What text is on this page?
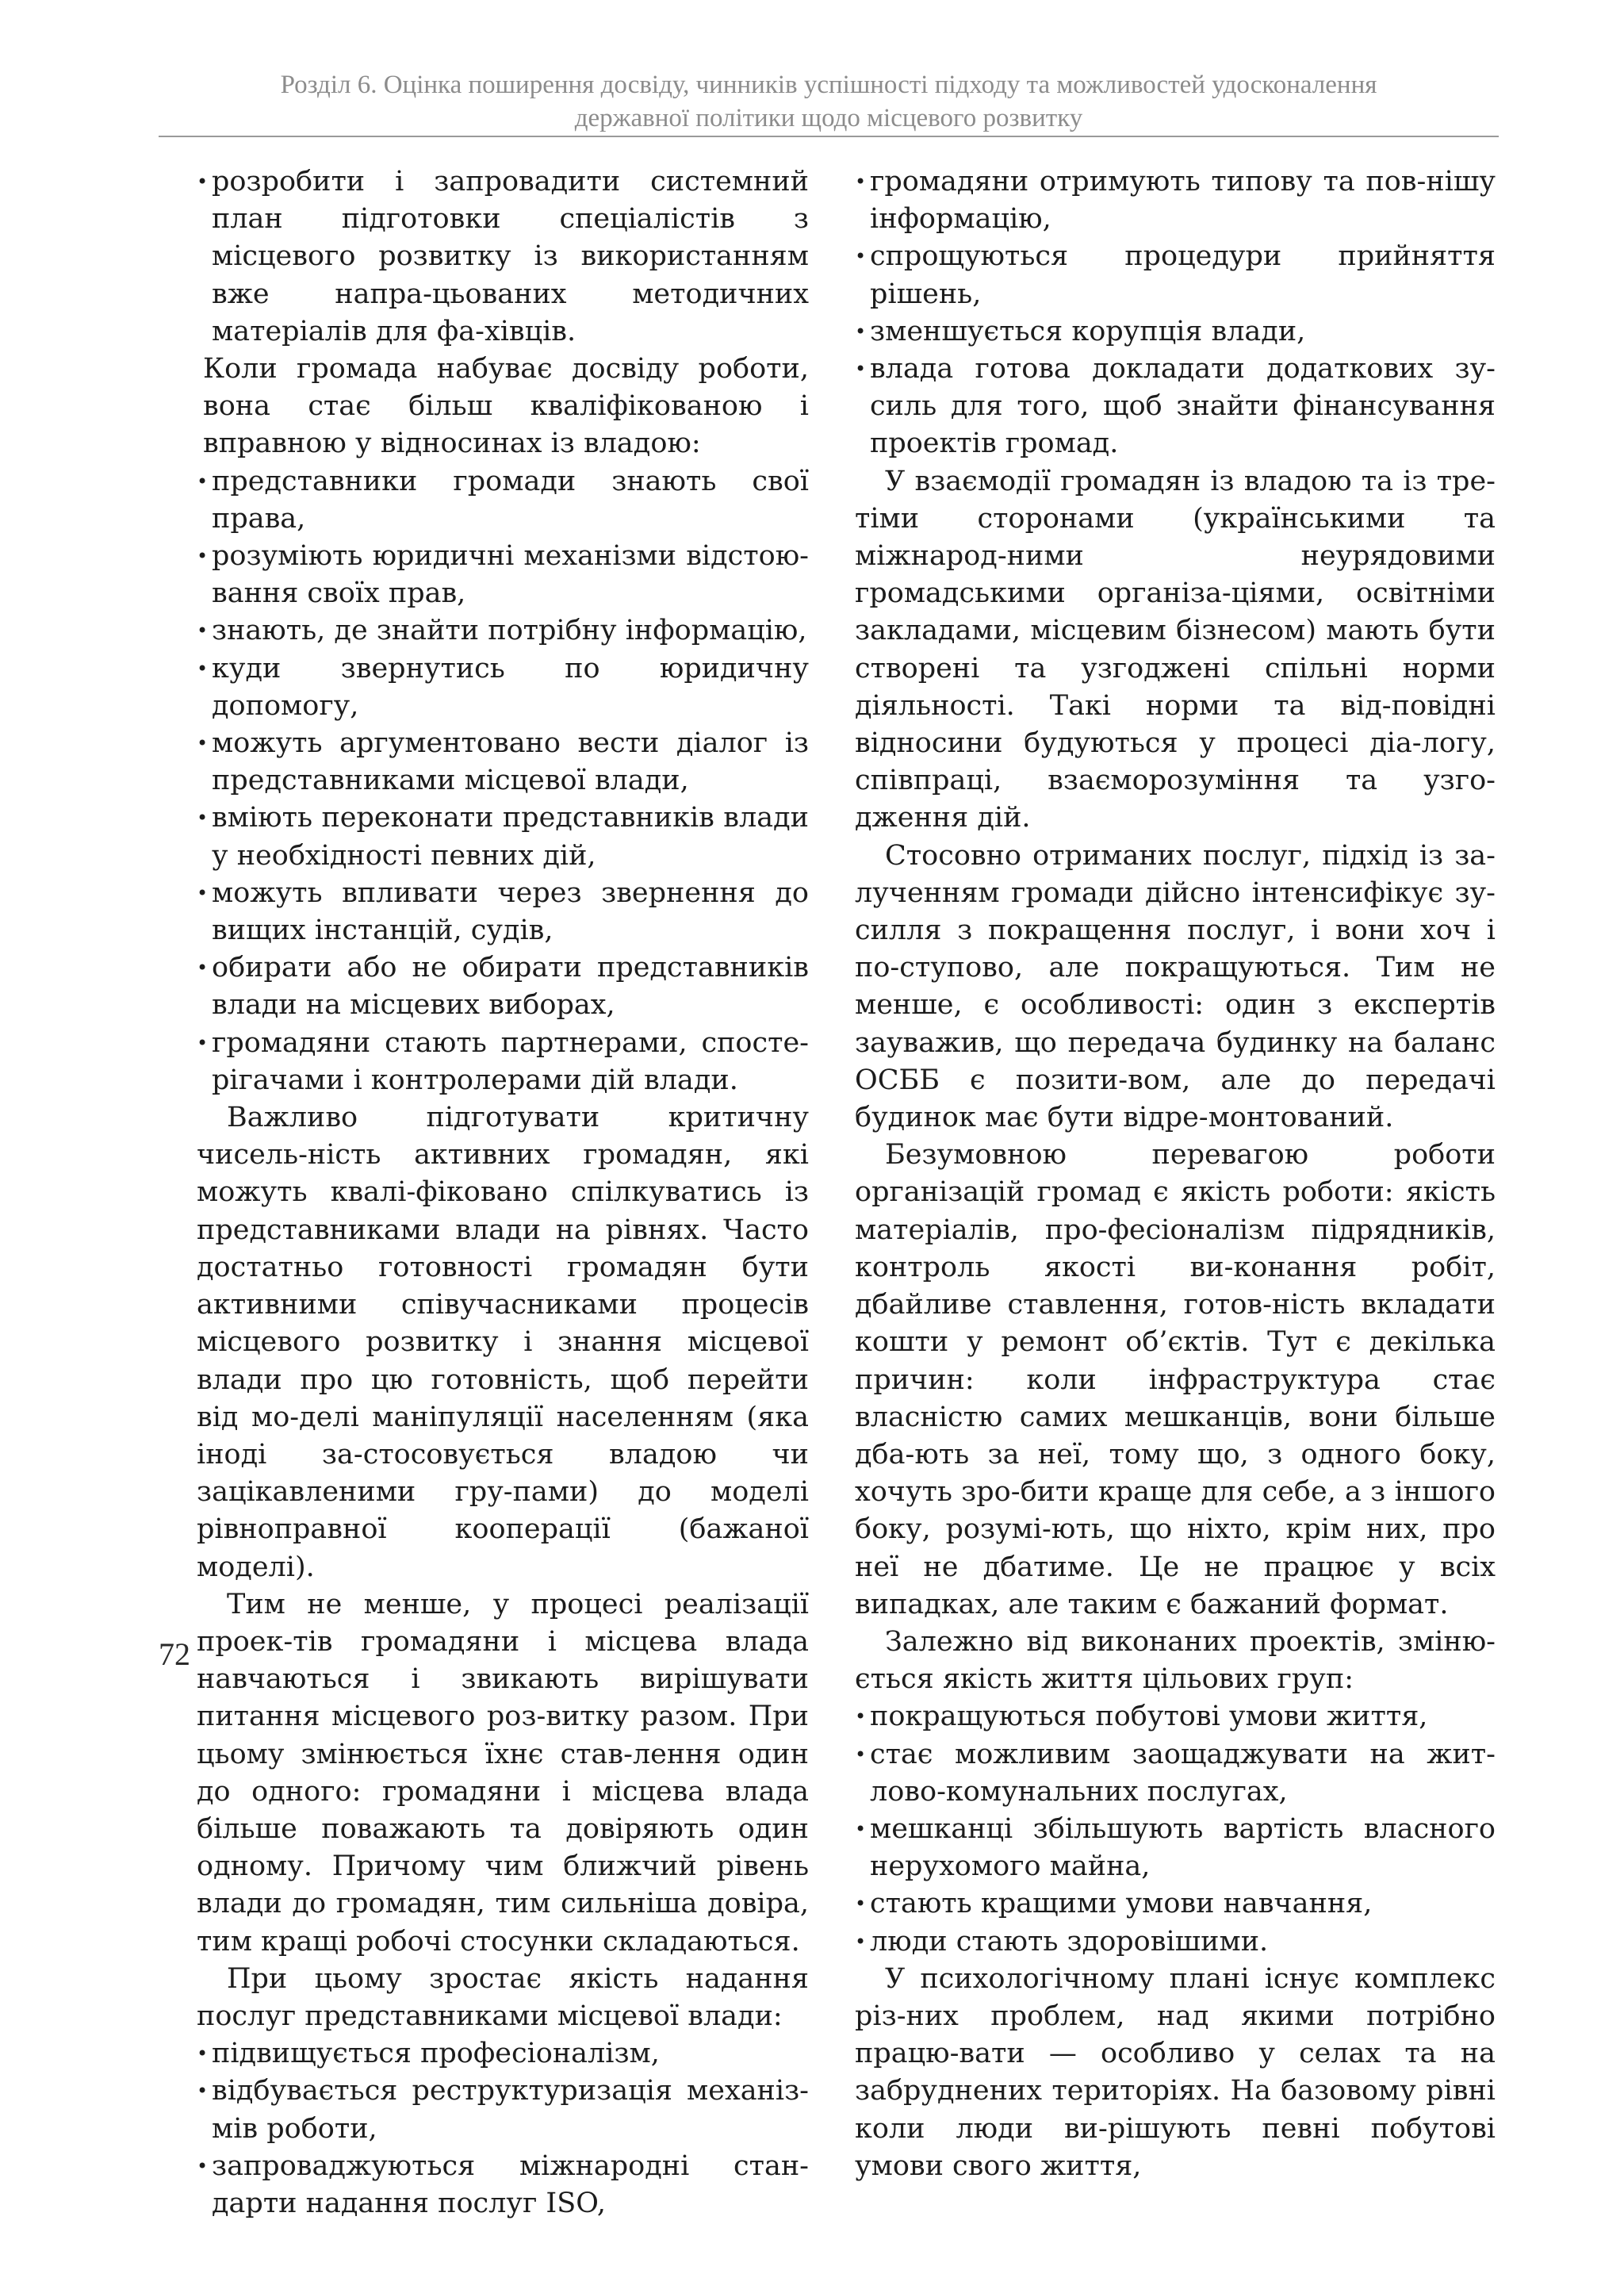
Розділ 6. Оцінка поширення досвіду, чинників успішності підходу та можливостей удосконалення
державної політики щодо місцевого розвитку
• розробити і запровадити системний план підготовки спеціалістів з місцевого розвитку із використанням вже напра-цьованих методичних матеріалів для фа-хівців.

Коли громада набуває досвіду роботи, вона стає більш кваліфікованою і вправною у відносинах із владою:

• представники громади знають свої права,
• розуміють юридичні механізми відстою-вання своїх прав,
• знають, де знайти потрібну інформацію,
• куди звернутись по юридичну допомогу,
• можуть аргументовано вести діалог із представниками місцевої влади,
• вміють переконати представників влади у необхідності певних дій,
• можуть впливати через звернення до вищих інстанцій, судів,
• обирати або не обирати представників влади на місцевих виборах,
• громадяни стають партнерами, спосте-рігачами і контролерами дій влади.

Важливо підготувати критичну чисель-ність активних громадян, які можуть квалі-фіковано спілкуватись із представниками влади на рівнях. Часто достатньо готовності громадян бути активними співучасниками процесів місцевого розвитку і знання місцевої влади про цю готовність, щоб перейти від мо-делі маніпуляції населенням (яка іноді за-стосовується владою чи зацікавленими гру-пами) до моделі рівноправної кооперації (бажаної моделі).

Тим не менше, у процесі реалізації проек-тів громадяни і місцева влада навчаються і звикають вирішувати питання місцевого роз-витку разом. При цьому змінюється їхнє став-лення один до одного: громадяни і місцева влада більше поважають та довіряють один одному. Причому чим ближчий рівень влади до громадян, тим сильніша довіра, тим кращі робочі стосунки складаються.

При цьому зростає якість надання послуг представниками місцевої влади:

• підвищується професіоналізм,
• відбувається реструктуризація механіз-мів роботи,
• запроваджуються міжнародні стан-дарти надання послуг ISO,
• громадяни отримують типову та пов-нішу інформацію,
• спрощуються процедури прийняття рішень,
• зменшується корупція влади,
• влада готова докладати додаткових зу-силь для того, щоб знайти фінансування проектів громад.

У взаємодії громадян із владою та із тре-тіми сторонами (українськими та міжнарод-ними неурядовими громадськими організа-ціями, освітніми закладами, місцевим бізнесом) мають бути створені та узгоджені спільні норми діяльності. Такі норми та від-повідні відносини будуються у процесі діа-логу, співпраці, взаєморозуміння та узго-дження дій.

Стосовно отриманих послуг, підхід із за-лученням громади дійсно інтенсифікує зу-силля з покращення послуг, і вони хоч і по-ступово, але покращуються. Тим не менше, є особливості: один з експертів зауважив, що передача будинку на баланс ОСББ є позити-вом, але до передачі будинок має бути відре-монтований.

Безумовною перевагою роботи організацій громад є якість роботи: якість матеріалів, про-фесіоналізм підрядників, контроль якості ви-конання робіт, дбайливе ставлення, готов-ність вкладати кошти у ремонт об’єктів. Тут є декілька причин: коли інфраструктура стає власністю самих мешканців, вони більше дба-ють за неї, тому що, з одного боку, хочуть зро-бити краще для себе, а з іншого боку, розумі-ють, що ніхто, крім них, про неї не дбатиме. Це не працює у всіх випадках, але таким є бажаний формат.

Залежно від виконаних проектів, зміню-ється якість життя цільових груп:

• покращуються побутові умови життя,
• стає можливим заощаджувати на жит-лово-комунальних послугах,
• мешканці збільшують вартість власного нерухомого майна,
• стають кращими умови навчання,
• люди стають здоровішими.

У психологічному плані існує комплекс різ-них проблем, над якими потрібно працю-вати — особливо у селах та на забруднених територіях. На базовому рівні коли люди ви-рішують певні побутові умови свого життя,

72
